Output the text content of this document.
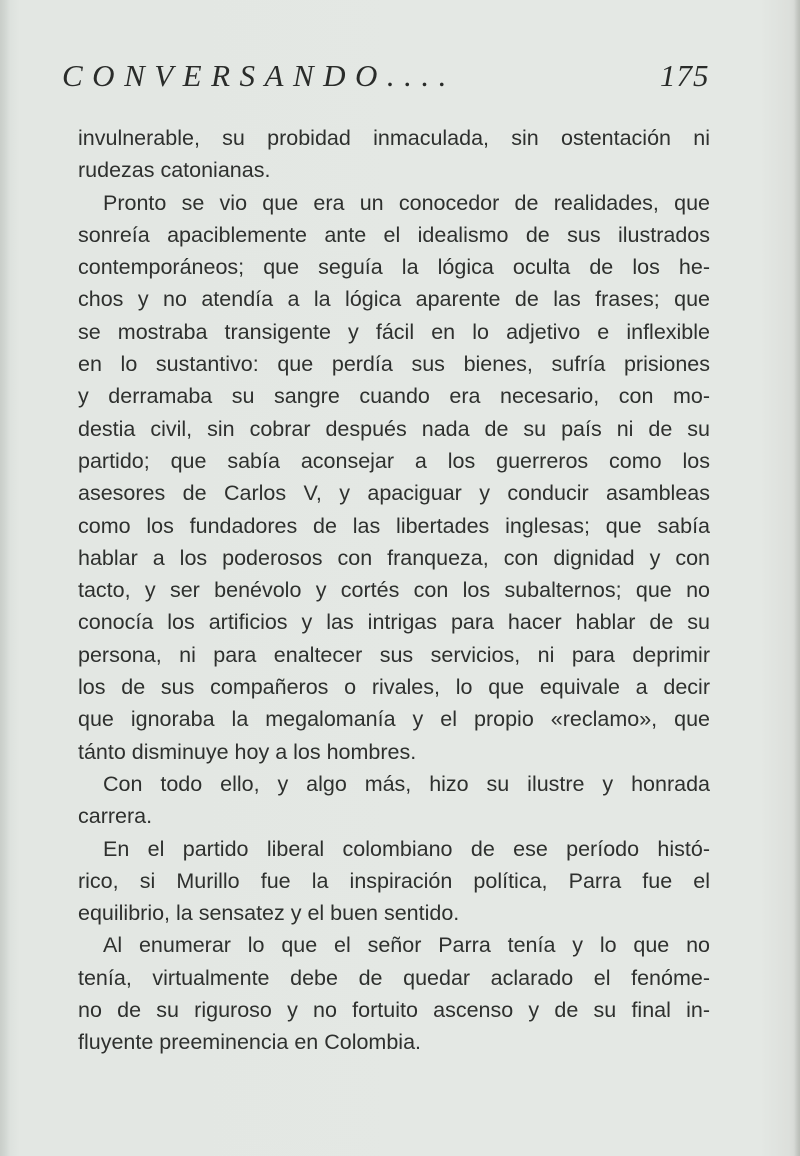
CONVERSANDO....	175
invulnerable, su probidad inmaculada, sin ostentación ni
rudezas catonianas.
Pronto se vio que era un conocedor de realidades, que
sonreía apaciblemente ante el idealismo de sus ilustrados
contemporáneos; que seguía la lógica oculta de los he-
chos y no atendía a la lógica aparente de las frases; que
se mostraba transigente y fácil en lo adjetivo e inflexible
en lo sustantivo: que perdía sus bienes, sufría prisiones
y derramaba su sangre cuando era necesario, con mo-
destia civil, sin cobrar después nada de su país ni de su
partido; que sabía aconsejar a los guerreros como los
asesores de Carlos V, y apaciguar y conducir asambleas
como los fundadores de las libertades inglesas; que sabía
hablar a los poderosos con franqueza, con dignidad y con
tacto, y ser benévolo y cortés con los subalternos; que no
conocía los artificios y las intrigas para hacer hablar de su
persona, ni para enaltecer sus servicios, ni para deprimir
los de sus compañeros o rivales, lo que equivale a decir
que ignoraba la megalomanía y el propio «reclamo», que
tánto disminuye hoy a los hombres.
Con todo ello, y algo más, hizo su ilustre y honrada
carrera.
En el partido liberal colombiano de ese período histó-
rico, si Murillo fue la inspiración política, Parra fue el
equilibrio, la sensatez y el buen sentido.
Al enumerar lo que el señor Parra tenía y lo que no
tenía, virtualmente debe de quedar aclarado el fenóme-
no de su riguroso y no fortuito ascenso y de su final in-
fluyente preeminencia en Colombia.
